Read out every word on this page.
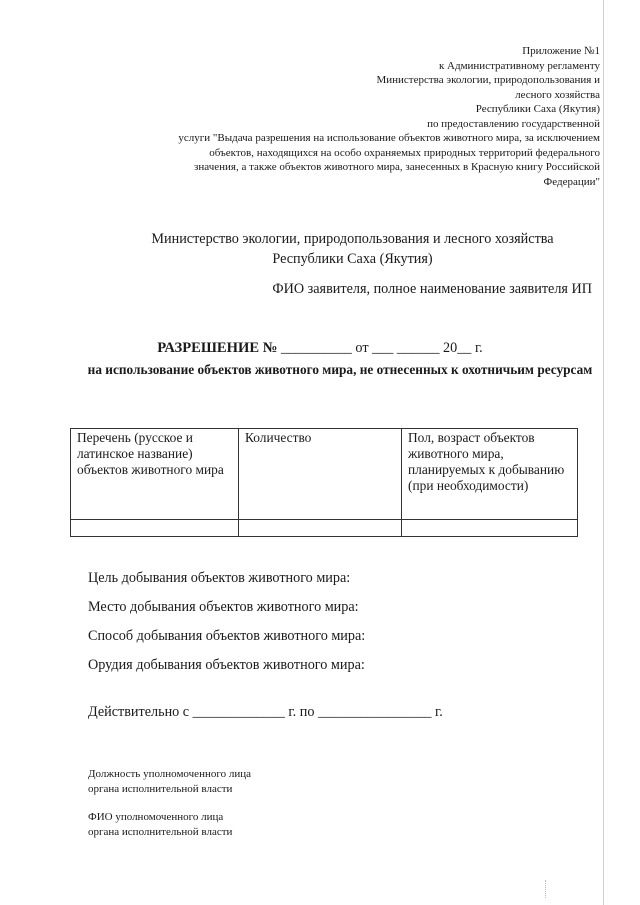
Приложение №1
к Административному регламенту
Министерства экологии, природопользования и
лесного хозяйства
Республики Саха (Якутия)
по предоставлению государственной
услуги "Выдача разрешения на использование объектов животного мира, за исключением
объектов, находящихся на особо охраняемых природных территорий федерального
значения, а также объектов животного мира, занесенных в Красную книгу Российской
Федерации"
Министерство экологии, природопользования и лесного хозяйства
Республики Саха (Якутия)
ФИО заявителя, полное наименование заявителя ИП
РАЗРЕШЕНИЕ № __________ от ___ ______ 20__ г.
на использование объектов животного мира, не отнесенных к охотничьим ресурсам
Перечень (русское и латинское название) объектов животного мира	Количество	Пол, возраст объектов животного мира, планируемых к добыванию (при необходимости)

Цель добывания объектов животного мира:
Место добывания объектов животного мира:
Способ добывания объектов животного мира:
Орудия добывания объектов животного мира:
Действительно с _____________ г. по ________________ г.
Должность уполномоченного лица
органа исполнительной власти
ФИО уполномоченного лица
органа исполнительной власти
